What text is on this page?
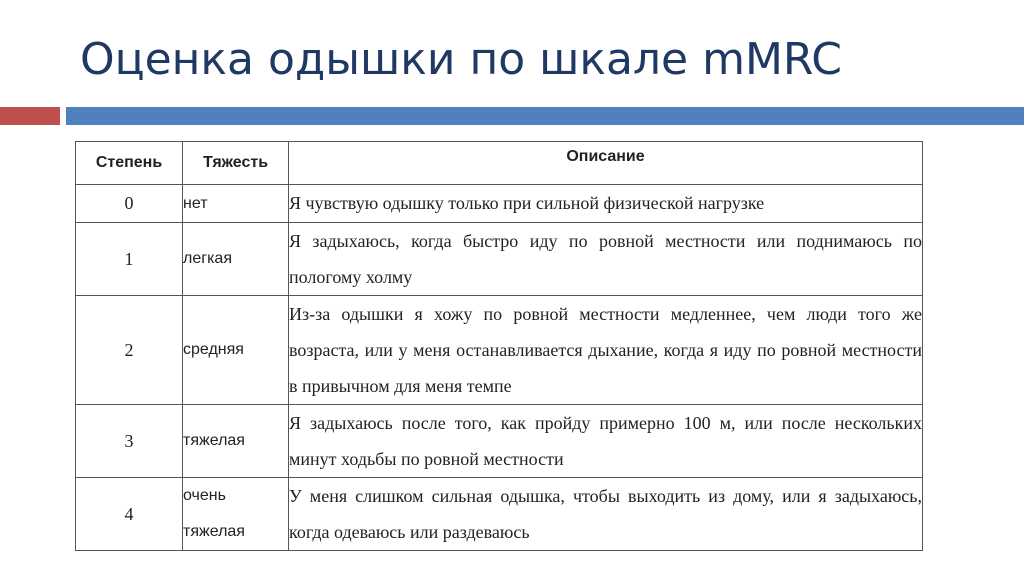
Оценка одышки по шкале mMRC
Степень	Тяжесть	Описание
0	нет	Я чувствую одышку только при сильной физической нагрузке
1	легкая	Я задыхаюсь, когда быстро иду по ровной местности или поднимаюсь по пологому холму
2	средняя	Из-за одышки я хожу по ровной местности медленнее, чем люди того же возраста, или у меня останавливается дыхание, когда я иду по ровной местности в привычном для меня темпе
3	тяжелая	Я задыхаюсь после того, как пройду примерно 100 м, или после нескольких минут ходьбы по ровной местности
4	очень тяжелая	У меня слишком сильная одышка, чтобы выходить из дому, или я задыхаюсь, когда одеваюсь или раздеваюсь
